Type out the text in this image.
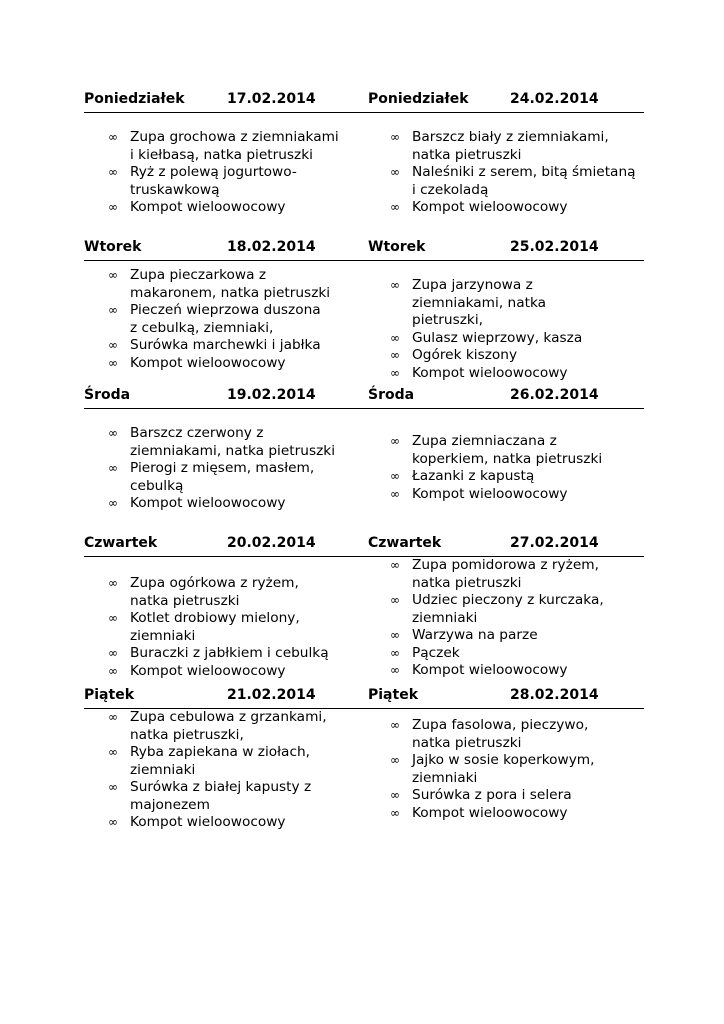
Poniedziałek	17.02.2014	Poniedziałek	24.02.2014
∞ Zupa grochowa z ziemniakami i kiełbasą, natka pietruszki
∞ Ryż z polewą jogurtowo-truskawkową
∞ Kompot wieloowocowy
∞ Barszcz biały z ziemniakami, natka pietruszki
∞ Naleśniki z serem, bitą śmietaną i czekoladą
∞ Kompot wieloowocowy
Wtorek	18.02.2014	Wtorek	25.02.2014
∞ Zupa pieczarkowa z makaronem, natka pietruszki
∞ Pieczeń wieprzowa duszona z cebulką, ziemniaki,
∞ Surówka marchewki i jabłka
∞ Kompot wieloowocowy
∞ Zupa jarzynowa z ziemniakami, natka pietruszki,
∞ Gulasz wieprzowy, kasza
∞ Ogórek kiszony
∞ Kompot wieloowocowy
Środa	19.02.2014	Środa	26.02.2014
∞ Barszcz czerwony z ziemniakami, natka pietruszki
∞ Pierogi z mięsem, masłem, cebulką
∞ Kompot wieloowocowy
∞ Zupa ziemniaczana z koperkiem, natka pietruszki
∞ Łazanki z kapustą
∞ Kompot wieloowocowy
Czwartek	20.02.2014	Czwartek	27.02.2014
∞ Zupa ogórkowa z ryżem, natka pietruszki
∞ Kotlet drobiowy mielony, ziemniaki
∞ Buraczki z jabłkiem i cebulką
∞ Kompot wieloowocowy
∞ Zupa pomidorowa z ryżem, natka pietruszki
∞ Udziec pieczony z kurczaka, ziemniaki
∞ Warzywa na parze
∞ Pączek
∞ Kompot wieloowocowy
Piątek	21.02.2014	Piątek	28.02.2014
∞ Zupa cebulowa z grzankami, natka pietruszki,
∞ Ryba zapiekana w ziołach, ziemniaki
∞ Surówka z białej kapusty z majonezem
∞ Kompot wieloowocowy
∞ Zupa fasolowa, pieczywo, natka pietruszki
∞ Jajko w sosie koperkowym, ziemniaki
∞ Surówka z pora i selera
∞ Kompot wieloowocowy
